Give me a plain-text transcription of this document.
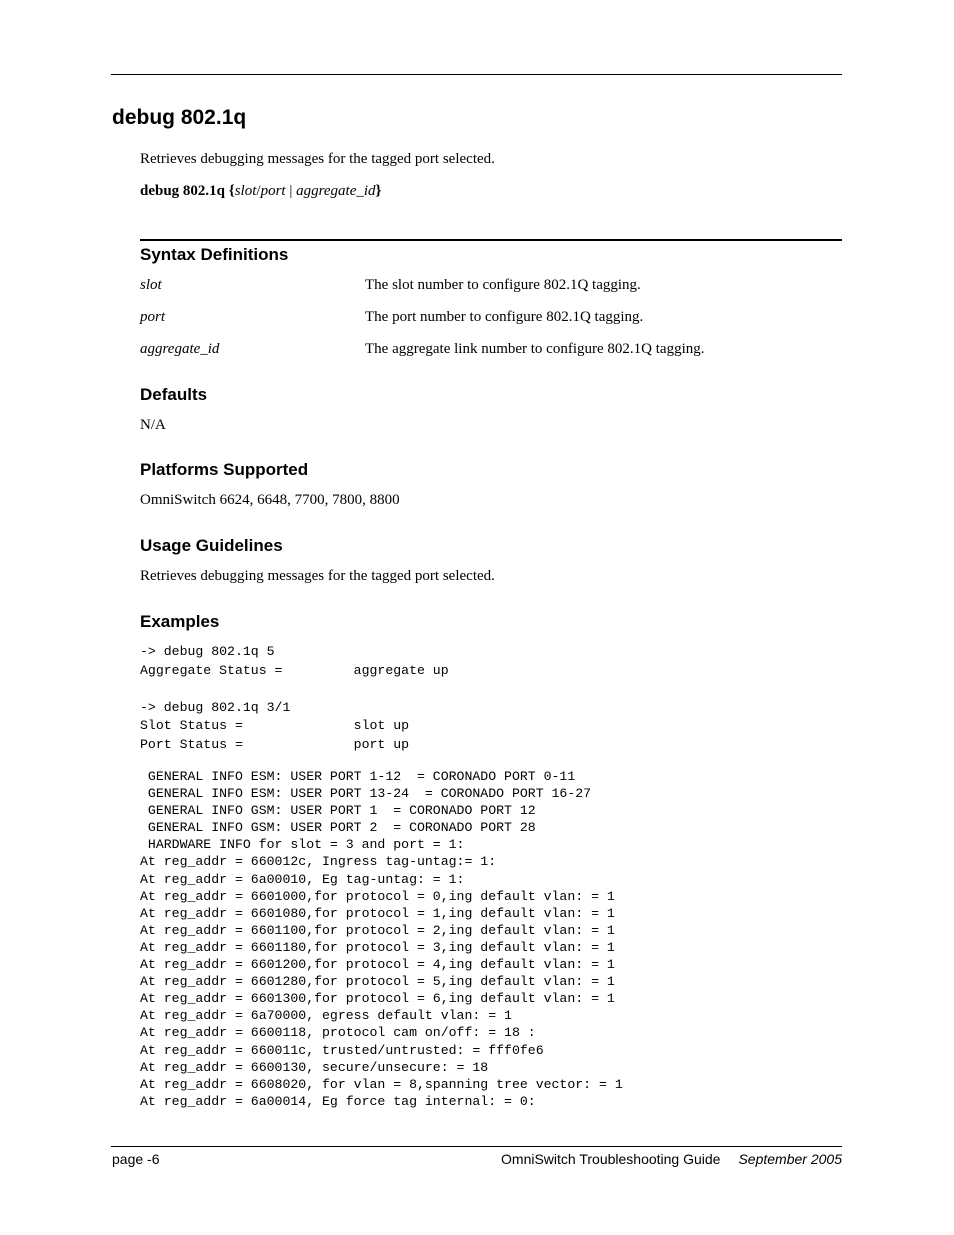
debug 802.1q
Retrieves debugging messages for the tagged port selected.
debug 802.1q {slot/port | aggregate_id}
Syntax Definitions
slot	The slot number to configure 802.1Q tagging.
port	The port number to configure 802.1Q tagging.
aggregate_id	The aggregate link number to configure 802.1Q tagging.
Defaults
N/A
Platforms Supported
OmniSwitch 6624, 6648, 7700, 7800, 8800
Usage Guidelines
Retrieves debugging messages for the tagged port selected.
Examples
-> debug 802.1q 5
Aggregate Status =         aggregate up

-> debug 802.1q 3/1
Slot Status =              slot up
Port Status =              port up
GENERAL INFO ESM: USER PORT 1-12  = CORONADO PORT 0-11
GENERAL INFO ESM: USER PORT 13-24  = CORONADO PORT 16-27
GENERAL INFO GSM: USER PORT 1  = CORONADO PORT 12
GENERAL INFO GSM: USER PORT 2  = CORONADO PORT 28
HARDWARE INFO for slot = 3 and port = 1:
At reg_addr = 660012c, Ingress tag-untag:= 1:
At reg_addr = 6a00010, Eg tag-untag: = 1:
At reg_addr = 6601000,for protocol = 0,ing default vlan: = 1
At reg_addr = 6601080,for protocol = 1,ing default vlan: = 1
At reg_addr = 6601100,for protocol = 2,ing default vlan: = 1
At reg_addr = 6601180,for protocol = 3,ing default vlan: = 1
At reg_addr = 6601200,for protocol = 4,ing default vlan: = 1
At reg_addr = 6601280,for protocol = 5,ing default vlan: = 1
At reg_addr = 6601300,for protocol = 6,ing default vlan: = 1
At reg_addr = 6a70000, egress default vlan: = 1
At reg_addr = 6600118, protocol cam on/off: = 18 :
At reg_addr = 660011c, trusted/untrusted: = fff0fe6
At reg_addr = 6600130, secure/unsecure: = 18
At reg_addr = 6608020, for vlan = 8,spanning tree vector: = 1
At reg_addr = 6a00014, Eg force tag internal: = 0:
page -6	OmniSwitch Troubleshooting Guide September 2005
